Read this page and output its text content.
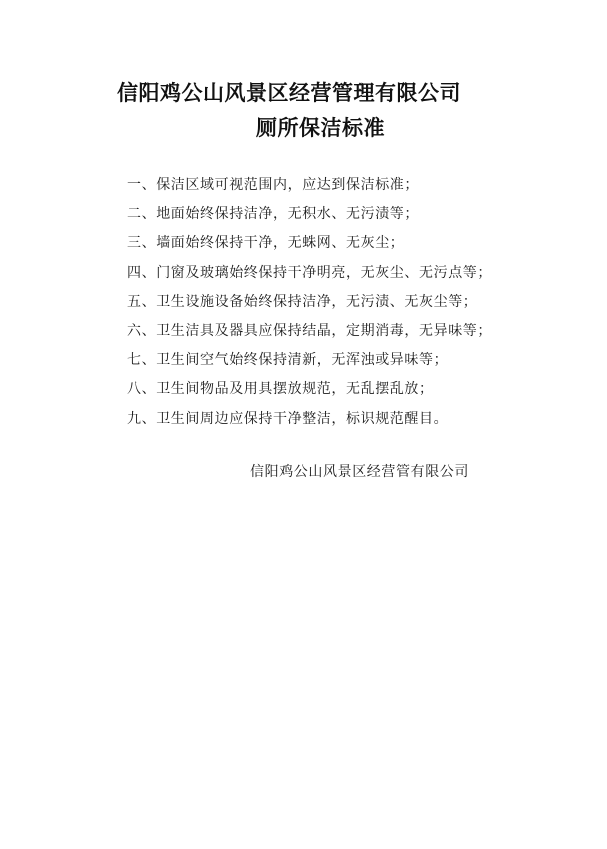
信阳鸡公山风景区经营管理有限公司
厕所保洁标准
一、保洁区域可视范围内，应达到保洁标准；
二、地面始终保持洁净，无积水、无污渍等；
三、墙面始终保持干净，无蛛网、无灰尘；
四、门窗及玻璃始终保持干净明亮，无灰尘、无污点等；
五、卫生设施设备始终保持洁净，无污渍、无灰尘等；
六、卫生洁具及器具应保持结晶，定期消毒，无异味等；
七、卫生间空气始终保持清新，无浑浊或异味等；
八、卫生间物品及用具摆放规范，无乱摆乱放；
九、卫生间周边应保持干净整洁，标识规范醒目。
信阳鸡公山风景区经营管有限公司
